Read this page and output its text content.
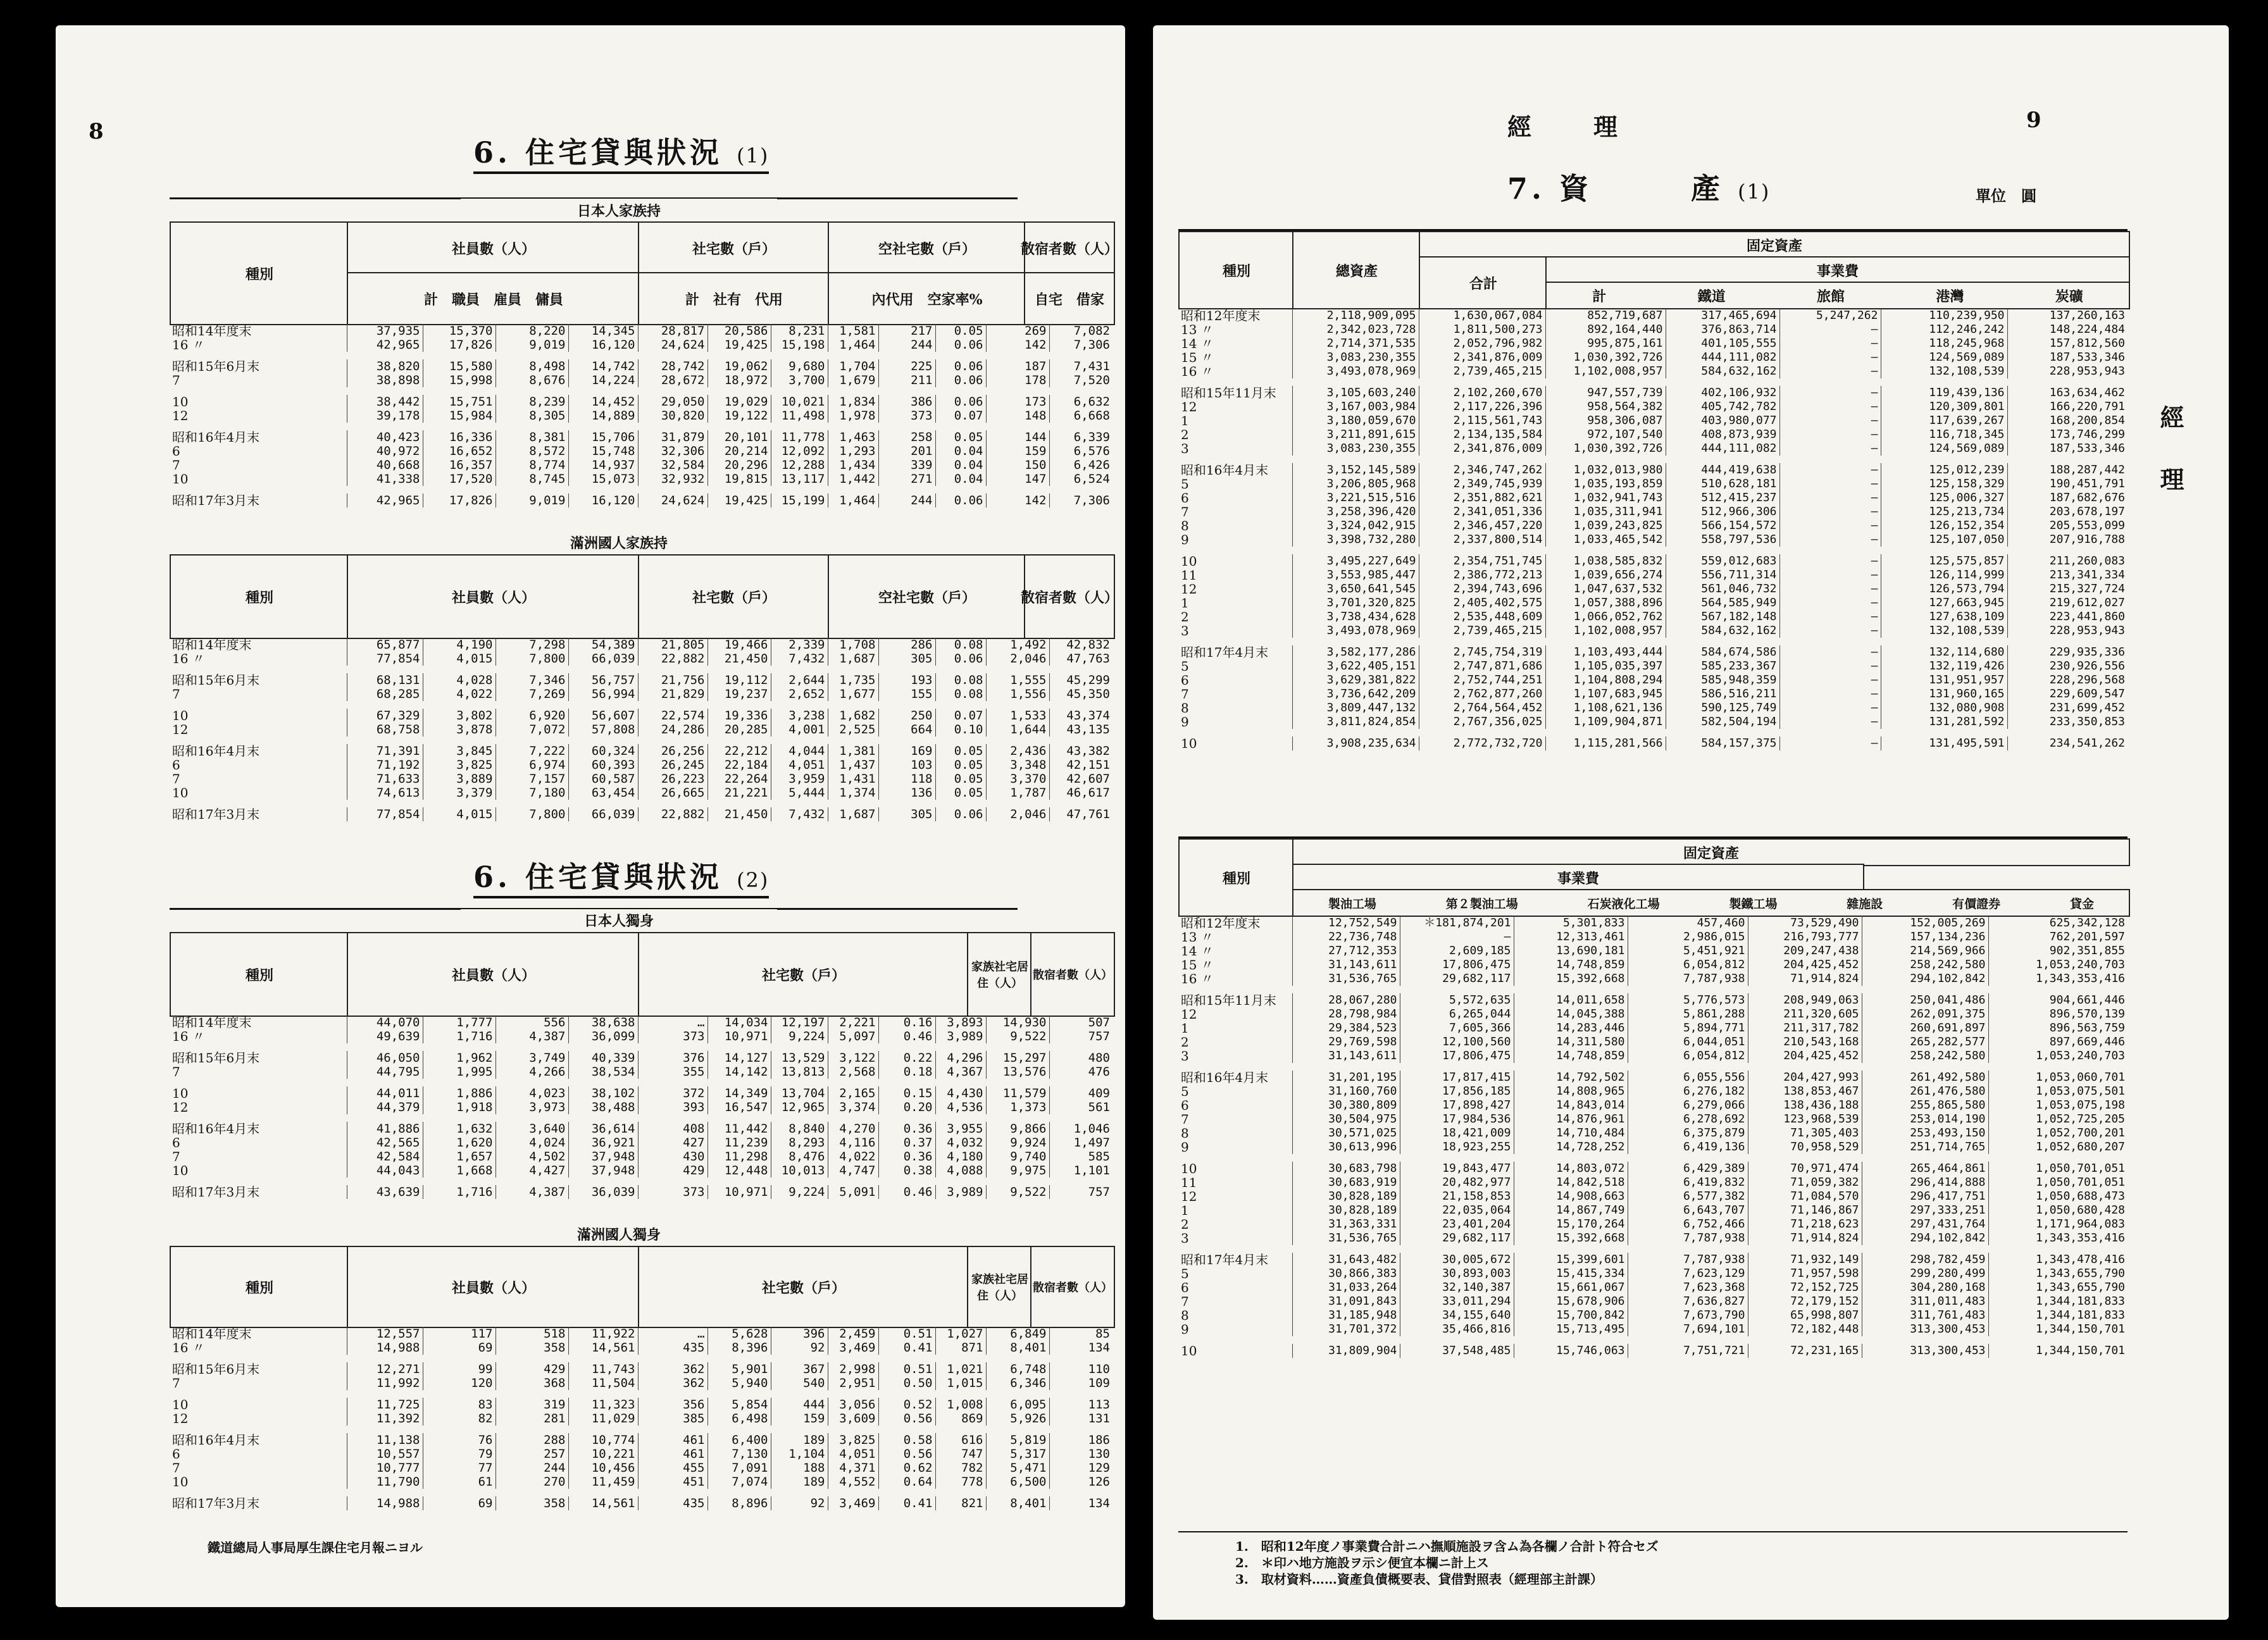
8
6. 住宅貸與狀況 (1)
日本人家族持
種別
社員數（人）	社宅數（戶）	空社宅數（戶）	散宿者數（人）
計
　 職員
　 雇員
　 傭員	計
　 社有
　 代用	內代用
　 空家率%	自宅
　 借家
昭和14年度末	37,935	15,370	8,220	14,345	28,817	20,586	8,231	1,581	217	0.05	269	7,082
16 〃	42,965	17,826	9,019	16,120	24,624	19,425	15,198	1,464	244	0.06	142	7,306

昭和15年6月末	38,820	15,580	8,498	14,742	28,742	19,062	9,680	1,704	225	0.06	187	7,431
7	38,898	15,998	8,676	14,224	28,672	18,972	3,700	1,679	211	0.06	178	7,520

10	38,442	15,751	8,239	14,452	29,050	19,029	10,021	1,834	386	0.06	173	6,632
12	39,178	15,984	8,305	14,889	30,820	19,122	11,498	1,978	373	0.07	148	6,668

昭和16年4月末	40,423	16,336	8,381	15,706	31,879	20,101	11,778	1,463	258	0.05	144	6,339
6	40,972	16,652	8,572	15,748	32,306	20,214	12,092	1,293	201	0.04	159	6,576
7	40,668	16,357	8,774	14,937	32,584	20,296	12,288	1,434	339	0.04	150	6,426
10	41,338	17,520	8,745	15,073	32,932	19,815	13,117	1,442	271	0.04	147	6,524

昭和17年3月末	42,965	17,826	9,019	16,120	24,624	19,425	15,199	1,464	244	0.06	142	7,306
滿洲國人家族持
種別	社員數（人）	社宅數（戶）	空社宅數（戶）	散宿者數（人）
昭和14年度末	65,877	4,190	7,298	54,389	21,805	19,466	2,339	1,708	286	0.08	1,492	42,832
16 〃	77,854	4,015	7,800	66,039	22,882	21,450	7,432	1,687	305	0.06	2,046	47,763

昭和15年6月末	68,131	4,028	7,346	56,757	21,756	19,112	2,644	1,735	193	0.08	1,555	45,299
7	68,285	4,022	7,269	56,994	21,829	19,237	2,652	1,677	155	0.08	1,556	45,350

10	67,329	3,802	6,920	56,607	22,574	19,336	3,238	1,682	250	0.07	1,533	43,374
12	68,758	3,878	7,072	57,808	24,286	20,285	4,001	2,525	664	0.10	1,644	43,135

昭和16年4月末	71,391	3,845	7,222	60,324	26,256	22,212	4,044	1,381	169	0.05	2,436	43,382
6	71,192	3,825	6,974	60,393	26,245	22,184	4,051	1,437	103	0.05	3,348	42,151
7	71,633	3,889	7,157	60,587	26,223	22,264	3,959	1,431	118	0.05	3,370	42,607
10	74,613	3,379	7,180	63,454	26,665	21,221	5,444	1,374	136	0.05	1,787	46,617

昭和17年3月末	77,854	4,015	7,800	66,039	22,882	21,450	7,432	1,687	305	0.06	2,046	47,761
6. 住宅貸與狀況 (2)
日本人獨身
種別	社員數（人）	社宅數（戶）	家族社宅居住（人）
散宿者數（人）
昭和14年度末	44,070	1,777	556	38,638	…	14,034	12,197	2,221	0.16	3,893	14,930	507
16 〃	49,639	1,716	4,387	36,099	373	10,971	9,224	5,097	0.46	3,989	9,522	757

昭和15年6月末	46,050	1,962	3,749	40,339	376	14,127	13,529	3,122	0.22	4,296	15,297	480
7	44,795	1,995	4,266	38,534	355	14,142	13,813	2,568	0.18	4,367	13,576	476

10	44,011	1,886	4,023	38,102	372	14,349	13,704	2,165	0.15	4,430	11,579	409
12	44,379	1,918	3,973	38,488	393	16,547	12,965	3,374	0.20	4,536	1,373	561

昭和16年4月末	41,886	1,632	3,640	36,614	408	11,442	8,840	4,270	0.36	3,955	9,866	1,046
6	42,565	1,620	4,024	36,921	427	11,239	8,293	4,116	0.37	4,032	9,924	1,497
7	42,584	1,657	4,502	37,948	430	11,298	8,476	4,022	0.36	4,180	9,740	585
10	44,043	1,668	4,427	37,948	429	12,448	10,013	4,747	0.38	4,088	9,975	1,101

昭和17年3月末	43,639	1,716	4,387	36,039	373	10,971	9,224	5,091	0.46	3,989	9,522	757
滿洲國人獨身
種別	社員數（人）	社宅數（戶）	家族社宅居住（人）
散宿者數（人）
昭和14年度末	12,557	117	518	11,922	…	5,628	396	2,459	0.51	1,027	6,849	85
16 〃	14,988	69	358	14,561	435	8,396	92	3,469	0.41	871	8,401	134

昭和15年6月末	12,271	99	429	11,743	362	5,901	367	2,998	0.51	1,021	6,748	110
7	11,992	120	368	11,504	362	5,940	540	2,951	0.50	1,015	6,346	109

10	11,725	83	319	11,323	356	5,854	444	3,056	0.52	1,008	6,095	113
12	11,392	82	281	11,029	385	6,498	159	3,609	0.56	869	5,926	131

昭和16年4月末	11,138	76	288	10,774	461	6,400	189	3,825	0.58	616	5,819	186
6	10,557	79	257	10,221	461	7,130	1,104	4,051	0.56	747	5,317	130
7	10,777	77	244	10,456	455	7,091	188	4,371	0.62	782	5,471	129
10	11,790	61	270	11,459	451	7,074	189	4,552	0.64	778	6,500	126

昭和17年3月末	14,988	69	358	14,561	435	8,896	92	3,469	0.41	821	8,401	134
鐵道總局人事局厚生課住宅月報ニヨル
經　理	9
7. 資　　　產 (1)	單位　圓
經理
種別	總資產
固定資產
合計
事業費
計	鐵道	旅館	港灣	炭礦
昭和12年度末	2,118,909,095	1,630,067,084	852,719,687	317,465,694	5,247,262	110,239,950	137,260,163
13 〃	2,342,023,728	1,811,500,273	892,164,440	376,863,714	—	112,246,242	148,224,484
14 〃	2,714,371,535	2,052,796,982	995,875,161	401,105,555	—	118,245,968	157,812,560
15 〃	3,083,230,355	2,341,876,009	1,030,392,726	444,111,082	—	124,569,089	187,533,346
16 〃	3,493,078,969	2,739,465,215	1,102,008,957	584,632,162	—	132,108,539	228,953,943

昭和15年11月末	3,105,603,240	2,102,260,670	947,557,739	402,106,932	—	119,439,136	163,634,462
12	3,167,003,984	2,117,226,396	958,564,382	405,742,782	—	120,309,801	166,220,791
1	3,180,059,670	2,115,561,743	958,306,087	403,980,077	—	117,639,267	168,200,854
2	3,211,891,615	2,134,135,584	972,107,540	408,873,939	—	116,718,345	173,746,299
3	3,083,230,355	2,341,876,009	1,030,392,726	444,111,082	—	124,569,089	187,533,346

昭和16年4月末	3,152,145,589	2,346,747,262	1,032,013,980	444,419,638	—	125,012,239	188,287,442
5	3,206,805,968	2,349,745,939	1,035,193,859	510,628,181	—	125,158,329	190,451,791
6	3,221,515,516	2,351,882,621	1,032,941,743	512,415,237	—	125,006,327	187,682,676
7	3,258,396,420	2,341,051,336	1,035,311,941	512,966,306	—	125,213,734	203,678,197
8	3,324,042,915	2,346,457,220	1,039,243,825	566,154,572	—	126,152,354	205,553,099
9	3,398,732,280	2,337,800,514	1,033,465,542	558,797,536	—	125,107,050	207,916,788

10	3,495,227,649	2,354,751,745	1,038,585,832	559,012,683	—	125,575,857	211,260,083
11	3,553,985,447	2,386,772,213	1,039,656,274	556,711,314	—	126,114,999	213,341,334
12	3,650,641,545	2,394,743,696	1,047,637,532	561,046,732	—	126,573,794	215,327,724
1	3,701,320,825	2,405,402,575	1,057,388,896	564,585,949	—	127,663,945	219,612,027
2	3,738,434,628	2,535,448,609	1,066,052,762	567,182,148	—	127,638,109	223,441,860
3	3,493,078,969	2,739,465,215	1,102,008,957	584,632,162	—	132,108,539	228,953,943

昭和17年4月末	3,582,177,286	2,745,754,319	1,103,493,444	584,674,586	—	132,114,680	229,935,336
5	3,622,405,151	2,747,871,686	1,105,035,397	585,233,367	—	132,119,426	230,926,556
6	3,629,381,822	2,752,744,251	1,104,808,294	585,948,359	—	131,951,957	228,296,568
7	3,736,642,209	2,762,877,260	1,107,683,945	586,516,211	—	131,960,165	229,609,547
8	3,809,447,132	2,764,564,452	1,108,621,136	590,125,749	—	132,080,908	231,699,452
9	3,811,824,854	2,767,356,025	1,109,904,871	582,504,194	—	131,281,592	233,350,853

10	3,908,235,634	2,772,732,720	1,115,281,566	584,157,375	—	131,495,591	234,541,262
種別
固定資產
事業費
製油工場	第２製油工場	石炭液化工場	製鐵工場	雜施設	有價證券	貸金
昭和12年度末	12,752,549	＊181,874,201	5,301,833	457,460	73,529,490	152,005,269	625,342,128
13 〃	22,736,748	—	12,313,461	2,986,015	216,793,777	157,134,236	762,201,597
14 〃	27,712,353	2,609,185	13,690,181	5,451,921	209,247,438	214,569,966	902,351,855
15 〃	31,143,611	17,806,475	14,748,859	6,054,812	204,425,452	258,242,580	1,053,240,703
16 〃	31,536,765	29,682,117	15,392,668	7,787,938	71,914,824	294,102,842	1,343,353,416

昭和15年11月末	28,067,280	5,572,635	14,011,658	5,776,573	208,949,063	250,041,486	904,661,446
12	28,798,984	6,265,044	14,045,388	5,861,288	211,320,605	262,091,375	896,570,139
1	29,384,523	7,605,366	14,283,446	5,894,771	211,317,782	260,691,897	896,563,759
2	29,769,598	12,100,560	14,311,580	6,044,051	210,543,168	265,282,577	897,669,446
3	31,143,611	17,806,475	14,748,859	6,054,812	204,425,452	258,242,580	1,053,240,703

昭和16年4月末	31,201,195	17,817,415	14,792,502	6,055,556	204,427,993	261,492,580	1,053,060,701
5	31,160,760	17,856,185	14,808,965	6,276,182	138,853,467	261,476,580	1,053,075,501
6	30,380,809	17,898,427	14,843,014	6,279,066	138,436,188	255,865,580	1,053,075,198
7	30,504,975	17,984,536	14,876,961	6,278,692	123,968,539	253,014,190	1,052,725,205
8	30,571,025	18,421,009	14,710,484	6,375,879	71,305,403	253,493,150	1,052,700,201
9	30,613,996	18,923,255	14,728,252	6,419,136	70,958,529	251,714,765	1,052,680,207

10	30,683,798	19,843,477	14,803,072	6,429,389	70,971,474	265,464,861	1,050,701,051
11	30,683,919	20,482,977	14,842,518	6,419,832	71,059,382	296,414,888	1,050,701,051
12	30,828,189	21,158,853	14,908,663	6,577,382	71,084,570	296,417,751	1,050,688,473
1	30,828,189	22,035,064	14,867,749	6,643,707	71,146,867	297,333,251	1,050,680,428
2	31,363,331	23,401,204	15,170,264	6,752,466	71,218,623	297,431,764	1,171,964,083
3	31,536,765	29,682,117	15,392,668	7,787,938	71,914,824	294,102,842	1,343,353,416

昭和17年4月末	31,643,482	30,005,672	15,399,601	7,787,938	71,932,149	298,782,459	1,343,478,416
5	30,866,383	30,893,003	15,415,334	7,623,129	71,957,598	299,280,499	1,343,655,790
6	31,033,264	32,140,387	15,661,067	7,623,368	72,152,725	304,280,168	1,343,655,790
7	31,091,843	33,011,294	15,678,906	7,636,827	72,179,152	311,011,483	1,344,181,833
8	31,185,948	34,155,640	15,700,842	7,673,790	65,998,807	311,761,483	1,344,181,833
9	31,701,372	35,466,816	15,713,495	7,694,101	72,182,448	313,300,453	1,344,150,701

10	31,809,904	37,548,485	15,746,063	7,751,721	72,231,165	313,300,453	1,344,150,701
1.　昭和12年度ノ事業費合計ニハ撫順施設ヲ含ム為各欄ノ合計ト符合セズ
2.　＊印ハ地方施設ヲ示シ便宜本欄ニ計上ス
3.　取材資料……資產負債概要表、貸借對照表（經理部主計課）
